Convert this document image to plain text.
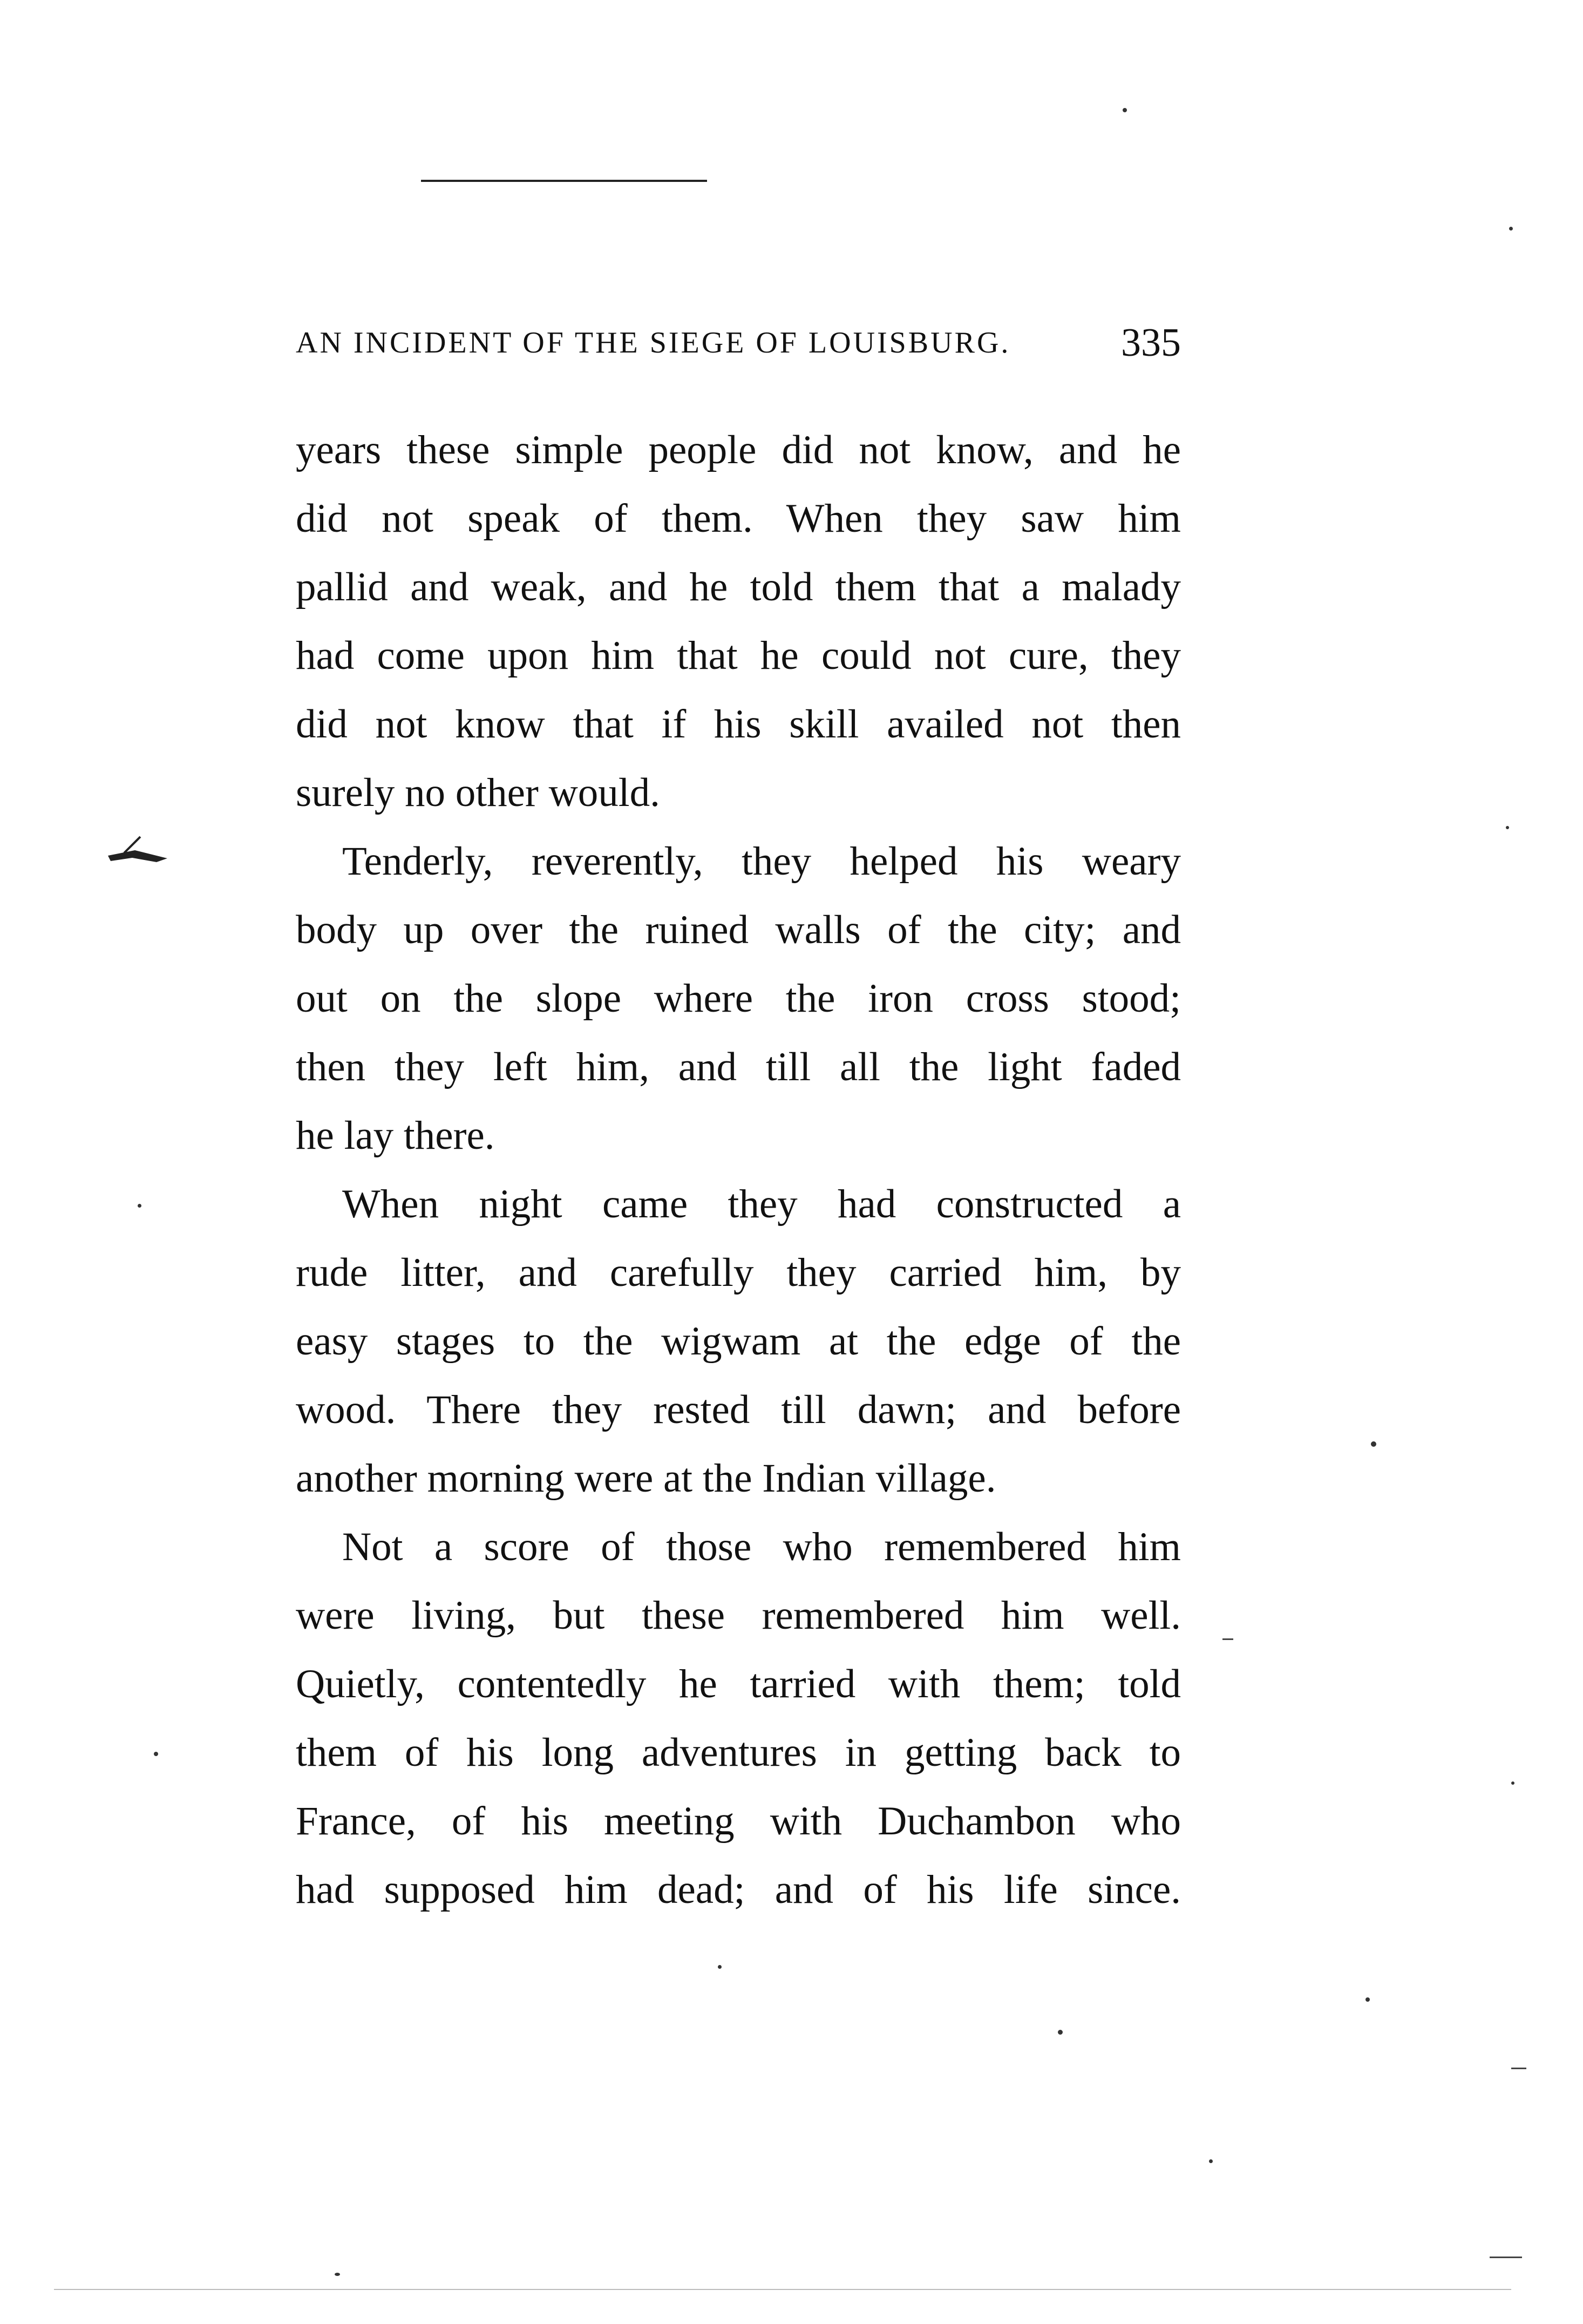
AN INCIDENT OF THE SIEGE OF LOUISBURG.	335
years these simple people did not know, and he
did not speak of them. When they saw him
pallid and weak, and he told them that a malady
had come upon him that he could not cure, they
did not know that if his skill availed not then
surely no other would.
Tenderly, reverently, they helped his weary
body up over the ruined walls of the city; and
out on the slope where the iron cross stood;
then they left him, and till all the light faded
he lay there.
When night came they had constructed a
rude litter, and carefully they carried him, by
easy stages to the wigwam at the edge of the
wood. There they rested till dawn; and before
another morning were at the Indian village.
Not a score of those who remembered him
were living, but these remembered him well.
Quietly, contentedly he tarried with them; told
them of his long adventures in getting back to
France, of his meeting with Duchambon who
had supposed him dead; and of his life since.
